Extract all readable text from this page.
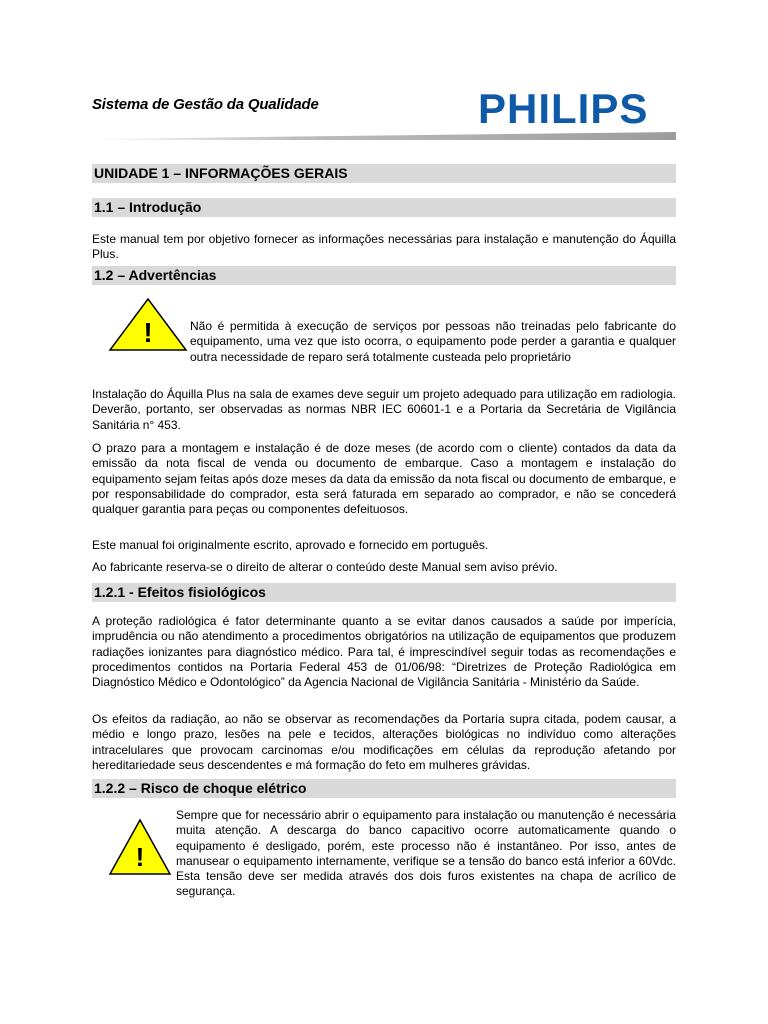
Sistema de Gestão da Qualidade	PHILIPS
UNIDADE 1 – INFORMAÇÕES GERAIS
1.1 – Introdução

Este manual tem por objetivo fornecer as informações necessárias para instalação e manutenção do Áquilla Plus.

1.2 – Advertências
!	Não é permitida à execução de serviços por pessoas não treinadas pelo fabricante do equipamento, uma vez que isto ocorra, o equipamento pode perder a garantia e qualquer outra necessidade de reparo será totalmente custeada pelo proprietário

Instalação do Áquilla Plus na sala de exames deve seguir um projeto adequado para utilização em radiologia. Deverão, portanto, ser observadas as normas NBR IEC 60601-1 e a Portaria da Secretária de Vigilância Sanitária n° 453.

O prazo para a montagem e instalação é de doze meses (de acordo com o cliente) contados da data da emissão da nota fiscal de venda ou documento de embarque. Caso a montagem e instalação do equipamento sejam feitas após doze meses da data da emissão da nota fiscal ou documento de embarque, e por responsabilidade do comprador, esta será faturada em separado ao comprador, e não se concederá qualquer garantia para peças ou componentes defeituosos.

Este manual foi originalmente escrito, aprovado e fornecido em português.

Ao fabricante reserva-se o direito de alterar o conteúdo deste Manual sem aviso prévio.

1.2.1 - Efeitos fisiológicos

A proteção radiológica é fator determinante quanto a se evitar danos causados a saúde por imperícia, imprudência ou não atendimento a procedimentos obrigatórios na utilização de equipamentos que produzem radiações ionizantes para diagnóstico médico. Para tal, é imprescindível seguir todas as recomendações e procedimentos contidos na Portaria Federal 453 de 01/06/98: “Diretrizes de Proteção Radiológica em Diagnóstico Médico e Odontológico” da Agencia Nacional de Vigilância Sanitária - Ministério da Saúde.

Os efeitos da radiação, ao não se observar as recomendações da Portaria supra citada, podem causar, a médio e longo prazo, lesões na pele e tecidos, alterações biológicas no indivíduo como alterações intracelulares que provocam carcinomas e/ou modificações em células da reprodução afetando por hereditariedade seus descendentes e má formação do feto em mulheres grávidas.

1.2.2 – Risco de choque elétrico
!

Sempre que for necessário abrir o equipamento para instalação ou manutenção é necessária muita atenção. A descarga do banco capacitivo ocorre automaticamente quando o equipamento é desligado, porém, este processo não é instantâneo. Por isso, antes de manusear o equipamento internamente, verifique se a tensão do banco está inferior a 60Vdc. Esta tensão deve ser medida através dos dois furos existentes na chapa de acrílico de segurança.
